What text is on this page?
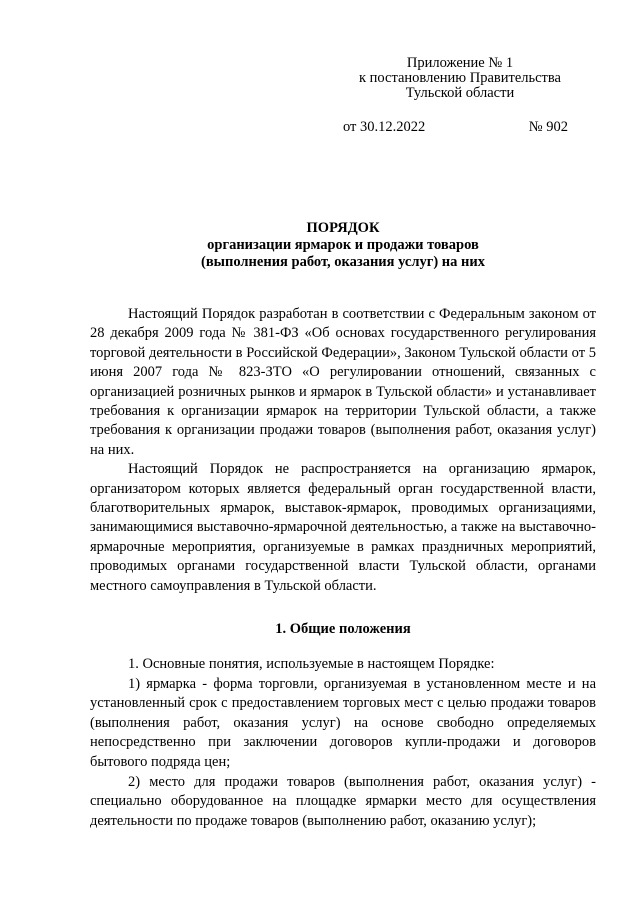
Приложение № 1
к постановлению Правительства
Тульской области
от 30.12.2022	№ 902
ПОРЯДОК
организации ярмарок и продажи товаров
(выполнения работ, оказания услуг) на них

Настоящий Порядок разработан в соответствии с Федеральным законом от 28 декабря 2009 года № 381-ФЗ «Об основах государственного регулирования торговой деятельности в Российской Федерации», Законом Тульской области от 5 июня 2007 года № 823-ЗТО «О регулировании отношений, связанных с организацией розничных рынков и ярмарок в Тульской области» и устанавливает требования к организации ярмарок на территории Тульской области, а также требования к организации продажи товаров (выполнения работ, оказания услуг) на них.

Настоящий Порядок не распространяется на организацию ярмарок, организатором которых является федеральный орган государственной власти, благотворительных ярмарок, выставок-ярмарок, проводимых организациями, занимающимися выставочно-ярмарочной деятельностью, а также на выставочно-ярмарочные мероприятия, организуемые в рамках праздничных мероприятий, проводимых органами государственной власти Тульской области, органами местного самоуправления в Тульской области.

1. Общие положения

1. Основные понятия, используемые в настоящем Порядке:

1) ярмарка - форма торговли, организуемая в установленном месте и на установленный срок с предоставлением торговых мест с целью продажи товаров (выполнения работ, оказания услуг) на основе свободно определяемых непосредственно при заключении договоров купли-продажи и договоров бытового подряда цен;

2) место для продажи товаров (выполнения работ, оказания услуг) - специально оборудованное на площадке ярмарки место для осуществления деятельности по продаже товаров (выполнению работ, оказанию услуг);
